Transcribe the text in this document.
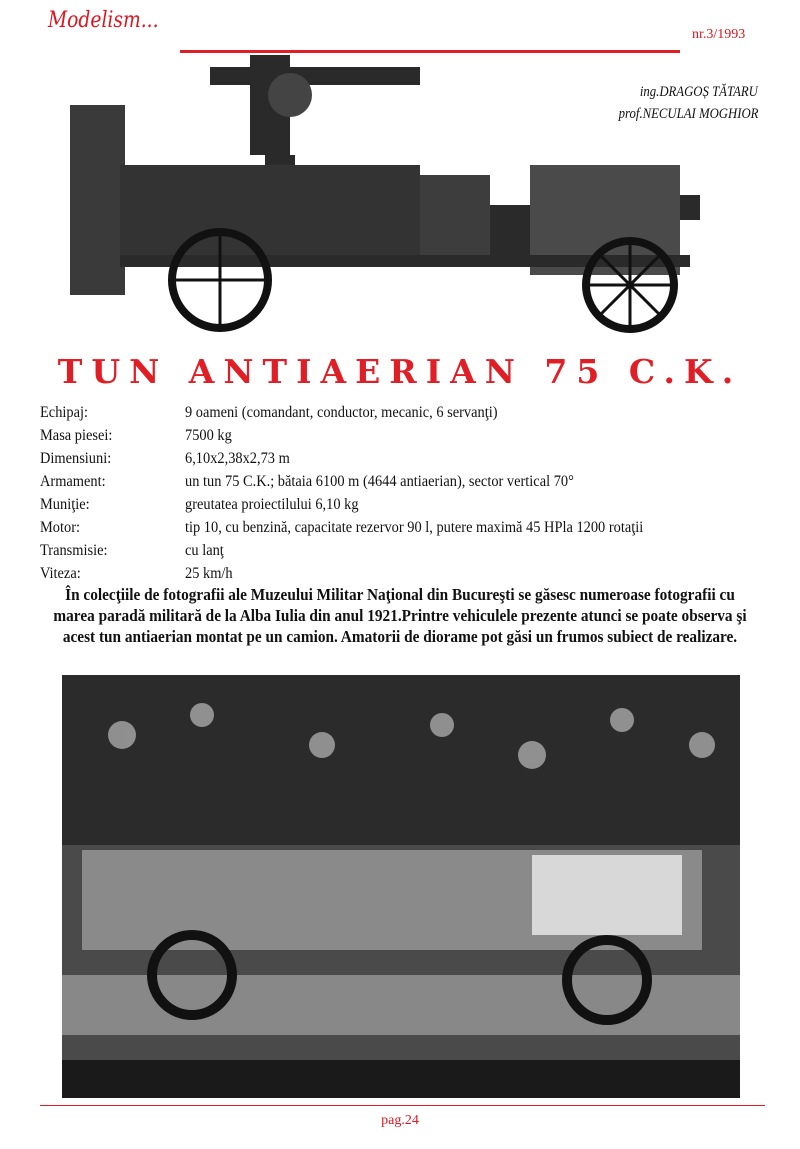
Modelism...
nr.3/1993
ing.DRAGOȘ TĂTARU
prof.NECULAI MOGHIOR
TUN ANTIAERIAN 75 C.K.
Echipaj:	9 oameni (comandant, conductor, mecanic, 6 servanţi)
Masa piesei:	7500 kg
Dimensiuni:	6,10x2,38x2,73 m
Armament:	un tun 75 C.K.; bătaia 6100 m (4644 antiaerian), sector vertical 70°
Muniţie:	greutatea proiectilului 6,10 kg
Motor:	tip 10, cu benzină, capacitate rezervor 90 l, putere maximă 45 HPla 1200 rotaţii
Transmisie:	cu lanţ
Viteza:	25 km/h
În colecţiile de fotografii ale Muzeului Militar Naţional din Bucureşti se găsesc numeroase fotografii cu marea paradă militară de la Alba Iulia din anul 1921.Printre vehiculele prezente atunci se poate observa şi acest tun antiaerian montat pe un camion. Amatorii de diorame pot găsi un frumos subiect de realizare.
pag.24
